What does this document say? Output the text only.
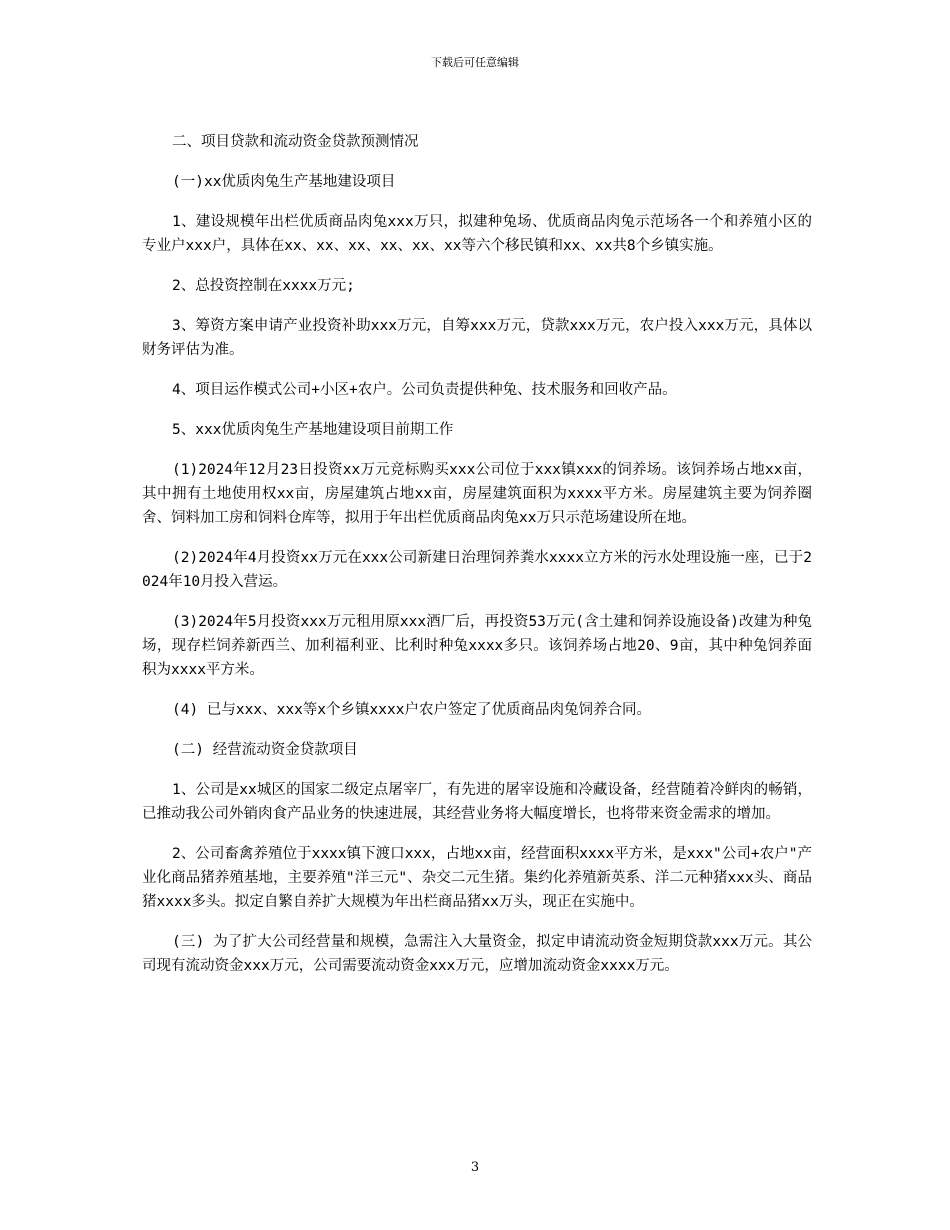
下载后可任意编辑

二、项目贷款和流动资金贷款预测情况

(一)xx优质肉兔生产基地建设项目

1、建设规模年出栏优质商品肉兔xxx万只，拟建种兔场、优质商品肉兔示范场各一个和养殖小区的专业户xxx户，具体在xx、xx、xx、xx、xx、xx等六个移民镇和xx、xx共8个乡镇实施。

2、总投资控制在xxxx万元;

3、筹资方案申请产业投资补助xxx万元，自筹xxx万元，贷款xxx万元，农户投入xxx万元，具体以财务评估为准。

4、项目运作模式公司+小区+农户。公司负责提供种兔、技术服务和回收产品。

5、xxx优质肉兔生产基地建设项目前期工作

(1)2024年12月23日投资xx万元竞标购买xxx公司位于xxx镇xxx的饲养场。该饲养场占地xx亩，其中拥有土地使用权xx亩，房屋建筑占地xx亩，房屋建筑面积为xxxx平方米。房屋建筑主要为饲养圈舍、饲料加工房和饲料仓库等，拟用于年出栏优质商品肉兔xx万只示范场建设所在地。

(2)2024年4月投资xx万元在xxx公司新建日治理饲养粪水xxxx立方米的污水处理设施一座，已于2024年10月投入营运。

(3)2024年5月投资xxx万元租用原xxx酒厂后，再投资53万元(含土建和饲养设施设备)改建为种兔场，现存栏饲养新西兰、加利福利亚、比利时种兔xxxx多只。该饲养场占地20、9亩，其中种兔饲养面积为xxxx平方米。

(4) 已与xxx、xxx等x个乡镇xxxx户农户签定了优质商品肉兔饲养合同。

(二) 经营流动资金贷款项目

1、公司是xx城区的国家二级定点屠宰厂，有先进的屠宰设施和冷藏设备，经营随着冷鲜肉的畅销，已推动我公司外销肉食产品业务的快速进展，其经营业务将大幅度增长，也将带来资金需求的增加。

2、公司畜禽养殖位于xxxx镇下渡口xxx，占地xx亩，经营面积xxxx平方米，是xxx"公司+农户"产业化商品猪养殖基地，主要养殖"洋三元"、杂交二元生猪。集约化养殖新英系、洋二元种猪xxx头、商品猪xxxx多头。拟定自繁自养扩大规模为年出栏商品猪xx万头，现正在实施中。

(三) 为了扩大公司经营量和规模，急需注入大量资金，拟定申请流动资金短期贷款xxx万元。其公司现有流动资金xxx万元，公司需要流动资金xxx万元，应增加流动资金xxxx万元。

3
